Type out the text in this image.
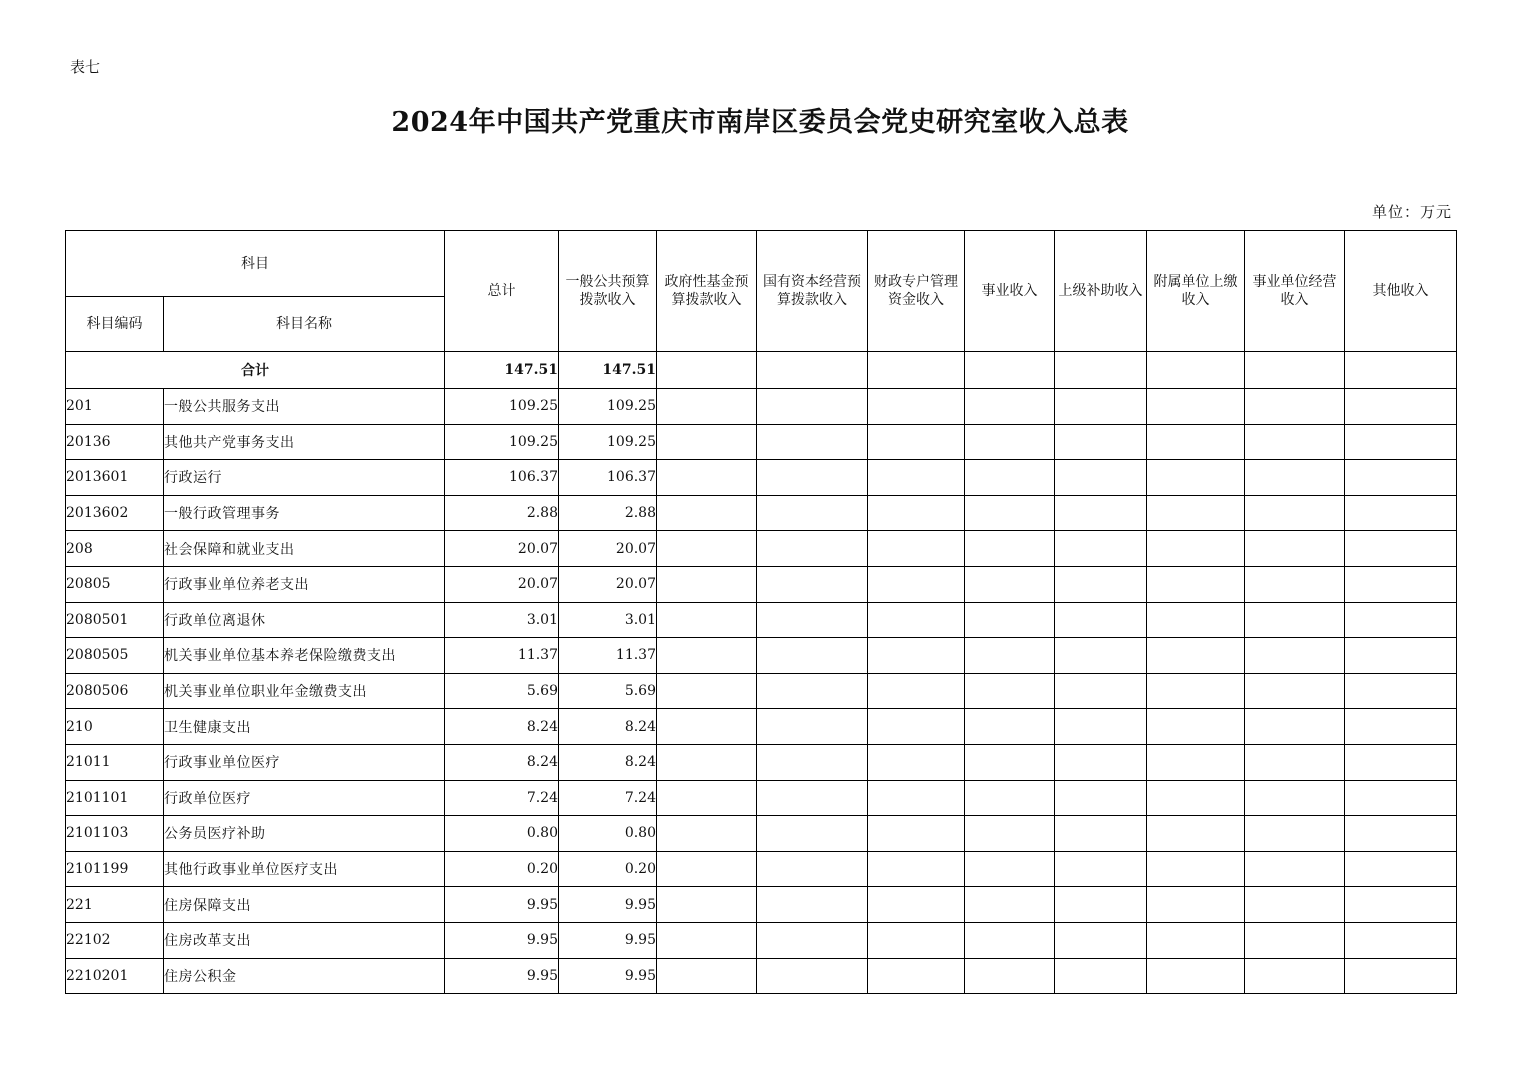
表七
2024年中国共产党重庆市南岸区委员会党史研究室收入总表
单位：万元
科目		总计	一般公共预算拨款收入	政府性基金预算拨款收入	国有资本经营预算拨款收入	财政专户管理资金收入	事业收入	上级补助收入	附属单位上缴收入	事业单位经营收入	其他收入
科目编码	科目名称										
合计		147.51	147.51								
201	一般公共服务支出	109.25	109.25								
20136	其他共产党事务支出	109.25	109.25								
2013601	行政运行	106.37	106.37								
2013602	一般行政管理事务	2.88	2.88								
208	社会保障和就业支出	20.07	20.07								
20805	行政事业单位养老支出	20.07	20.07								
2080501	行政单位离退休	3.01	3.01								
2080505	机关事业单位基本养老保险缴费支出	11.37	11.37								
2080506	机关事业单位职业年金缴费支出	5.69	5.69								
210	卫生健康支出	8.24	8.24								
21011	行政事业单位医疗	8.24	8.24								
2101101	行政单位医疗	7.24	7.24								
2101103	公务员医疗补助	0.80	0.80								
2101199	其他行政事业单位医疗支出	0.20	0.20								
221	住房保障支出	9.95	9.95								
22102	住房改革支出	9.95	9.95								
2210201	住房公积金	9.95	9.95								
